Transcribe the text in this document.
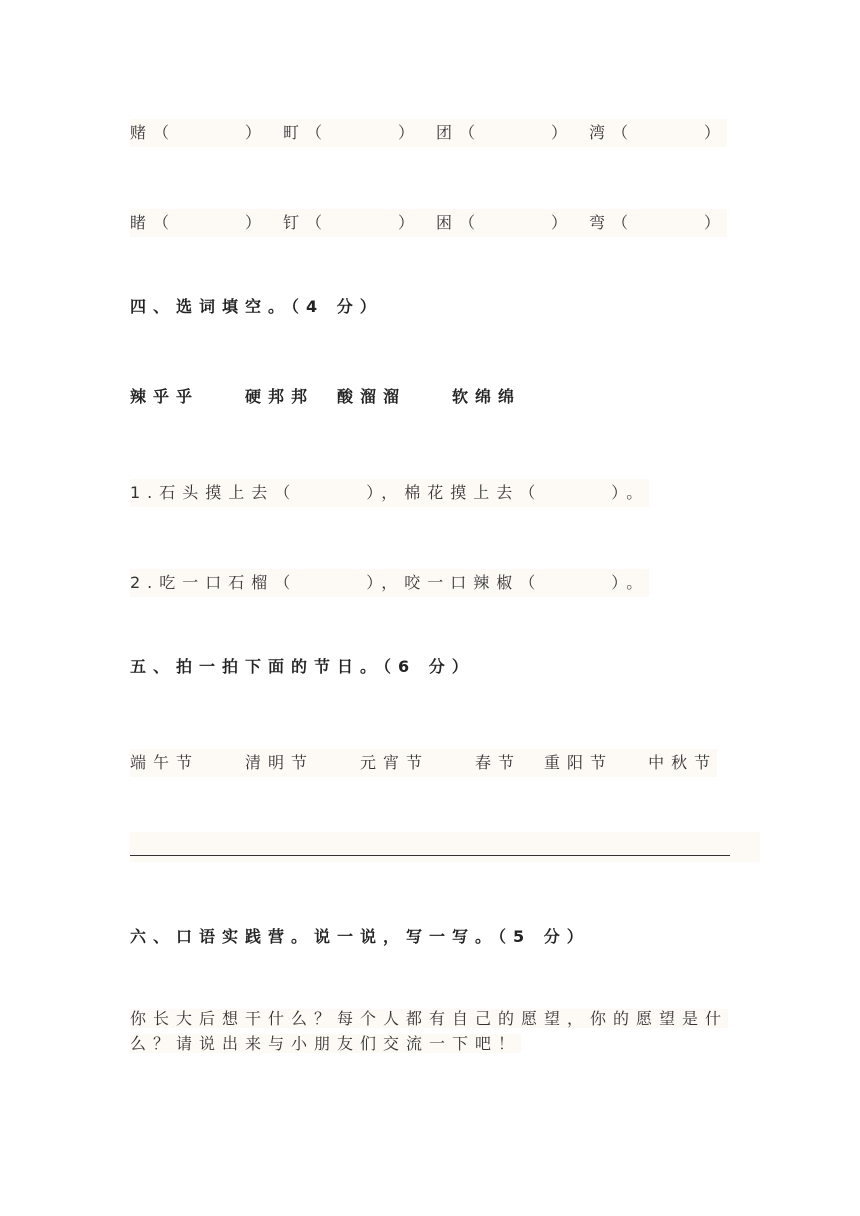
赌（　　　）　町（　　　）　团（　　　）　湾（　　　）
睹（　　　）　钉（　　　）　困（　　　）　弯（　　　）
四、选词填空。（4 分）
辣乎乎　　硬邦邦　酸溜溜　　软绵绵
1.石头摸上去（　　　），棉花摸上去（　　　）。
2.吃一口石榴（　　　），咬一口辣椒（　　　）。
五、拍一拍下面的节日。（6 分）
端午节　　清明节　　元宵节　　春节　重阳节　 中秋节
六、口语实践营。说一说，写一写。（5 分）
你长大后想干什么？每个人都有自己的愿望，你的愿望是什
么？请说出来与小朋友们交流一下吧！
